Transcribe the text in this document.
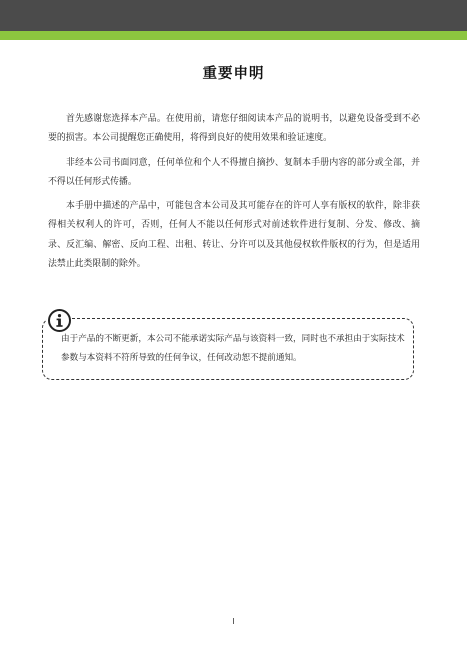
重要申明

首先感谢您选择本产品。在使用前，请您仔细阅读本产品的说明书，以避免设备受到不必要的损害。本公司提醒您正确使用，将得到良好的使用效果和验证速度。

非经本公司书面同意，任何单位和个人不得擅自摘抄、复制本手册内容的部分或全部，并不得以任何形式传播。

本手册中描述的产品中，可能包含本公司及其可能存在的许可人享有版权的软件，除非获得相关权利人的许可，否则，任何人不能以任何形式对前述软件进行复制、分发、修改、摘录、反汇编、解密、反向工程、出租、转让、分许可以及其他侵权软件版权的行为，但是适用法禁止此类限制的除外。

由于产品的不断更新，本公司不能承诺实际产品与该资料一致，同时也不承担由于实际技术参数与本资料不符所导致的任何争议，任何改动恕不提前通知。
I
